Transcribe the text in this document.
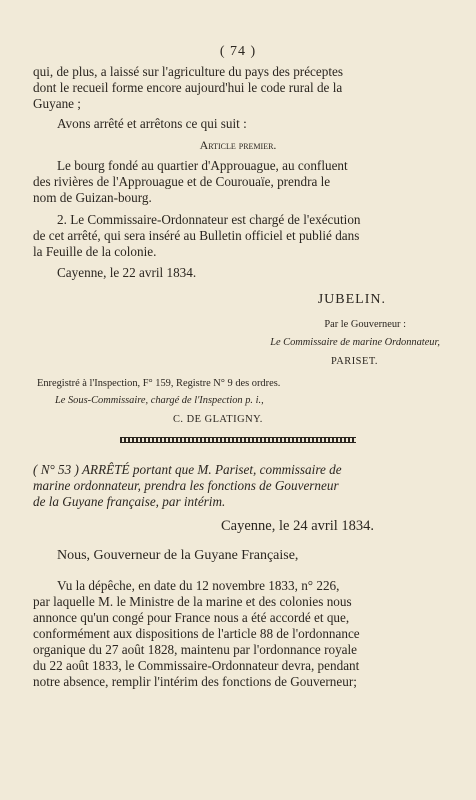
( 74 )

qui, de plus, a laissé sur l'agriculture du pays des préceptes

dont le recueil forme encore aujourd'hui le code rural de la

Guyane ;

Avons arrêté et arrêtons ce qui suit :

Article premier.

Le bourg fondé au quartier d'Approuague, au confluent

des rivières de l'Approuague et de Courouaïe, prendra le

nom de Guizan-bourg.

2. Le Commissaire-Ordonnateur est chargé de l'exécution

de cet arrêté, qui sera inséré au Bulletin officiel et publié dans

la Feuille de la colonie.

Cayenne, le 22 avril 1834.

JUBELIN.

Par le Gouverneur :

Le Commissaire de marine Ordonnateur,

PARISET.

Enregistré à l'Inspection, F° 159, Registre N° 9 des ordres.

Le Sous-Commissaire, chargé de l'Inspection p. i.,

C. DE GLATIGNY.

( N° 53 ) ARRÊTÉ portant que M. Pariset, commissaire de

marine ordonnateur, prendra les fonctions de Gouverneur

de la Guyane française, par intérim.

Cayenne, le 24 avril 1834.

Nous, Gouverneur de la Guyane Française,

Vu la dépêche, en date du 12 novembre 1833, n° 226,

par laquelle M. le Ministre de la marine et des colonies nous

annonce qu'un congé pour France nous a été accordé et que,

conformément aux dispositions de l'article 88 de l'ordonnance

organique du 27 août 1828, maintenu par l'ordonnance royale

du 22 août 1833, le Commissaire-Ordonnateur devra, pendant

notre absence, remplir l'intérim des fonctions de Gouverneur;
